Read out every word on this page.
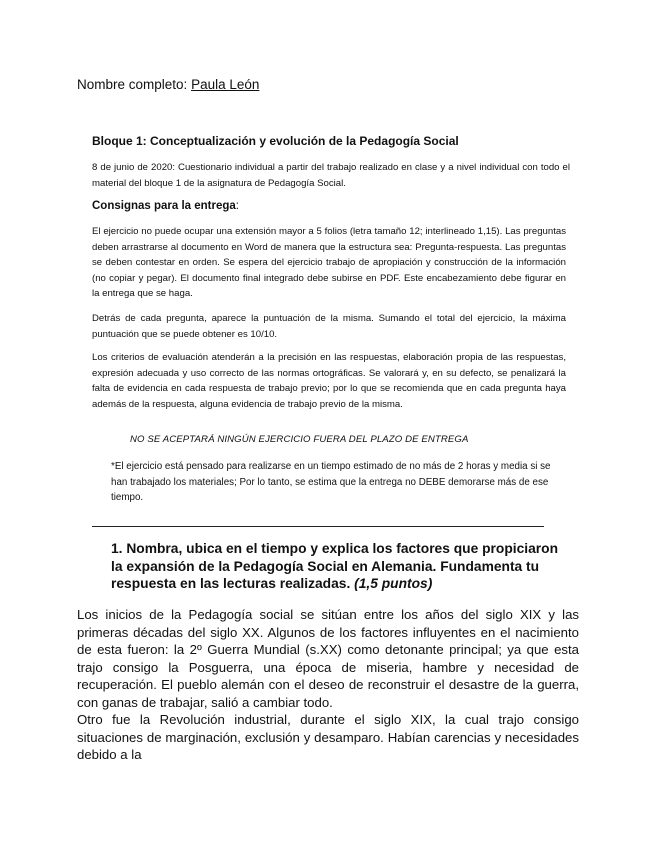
Nombre completo: Paula León
Bloque 1: Conceptualización y evolución de la Pedagogía Social
8 de junio de 2020: Cuestionario individual a partir del trabajo realizado en clase y a nivel individual con todo el material del bloque 1 de la asignatura de Pedagogía Social.
Consignas para la entrega:
El ejercicio no puede ocupar una extensión mayor a 5 folios (letra tamaño 12; interlineado 1,15). Las preguntas deben arrastrarse al documento en Word de manera que la estructura sea: Pregunta-respuesta. Las preguntas se deben contestar en orden. Se espera del ejercicio trabajo de apropiación y construcción de la información (no copiar y pegar). El documento final integrado debe subirse en PDF. Este encabezamiento debe figurar en la entrega que se haga.
Detrás de cada pregunta, aparece la puntuación de la misma. Sumando el total del ejercicio, la máxima puntuación que se puede obtener es 10/10.
Los criterios de evaluación atenderán a la precisión en las respuestas, elaboración propia de las respuestas, expresión adecuada y uso correcto de las normas ortográficas. Se valorará y, en su defecto, se penalizará la falta de evidencia en cada respuesta de trabajo previo; por lo que se recomienda que en cada pregunta haya además de la respuesta, alguna evidencia de trabajo previo de la misma.
NO SE ACEPTARÁ NINGÚN EJERCICIO FUERA DEL PLAZO DE ENTREGA
*El ejercicio está pensado para realizarse en un tiempo estimado de no más de 2 horas y media si se han trabajado los materiales; Por lo tanto, se estima que la entrega no DEBE demorarse más de ese tiempo.
1. Nombra, ubica en el tiempo y explica los factores que propiciaron la expansión de la Pedagogía Social en Alemania. Fundamenta tu respuesta en las lecturas realizadas. (1,5 puntos)

Los inicios de la Pedagogía social se sitúan entre los años del siglo XIX y las primeras décadas del siglo XX. Algunos de los factores influyentes en el nacimiento de esta fueron: la 2º Guerra Mundial (s.XX) como detonante principal; ya que esta trajo consigo la Posguerra, una época de miseria, hambre y necesidad de recuperación. El pueblo alemán con el deseo de reconstruir el desastre de la guerra, con ganas de trabajar, salió a cambiar todo.

Otro fue la Revolución industrial, durante el siglo XIX, la cual trajo consigo situaciones de marginación, exclusión y desamparo. Habían carencias y necesidades debido a la
